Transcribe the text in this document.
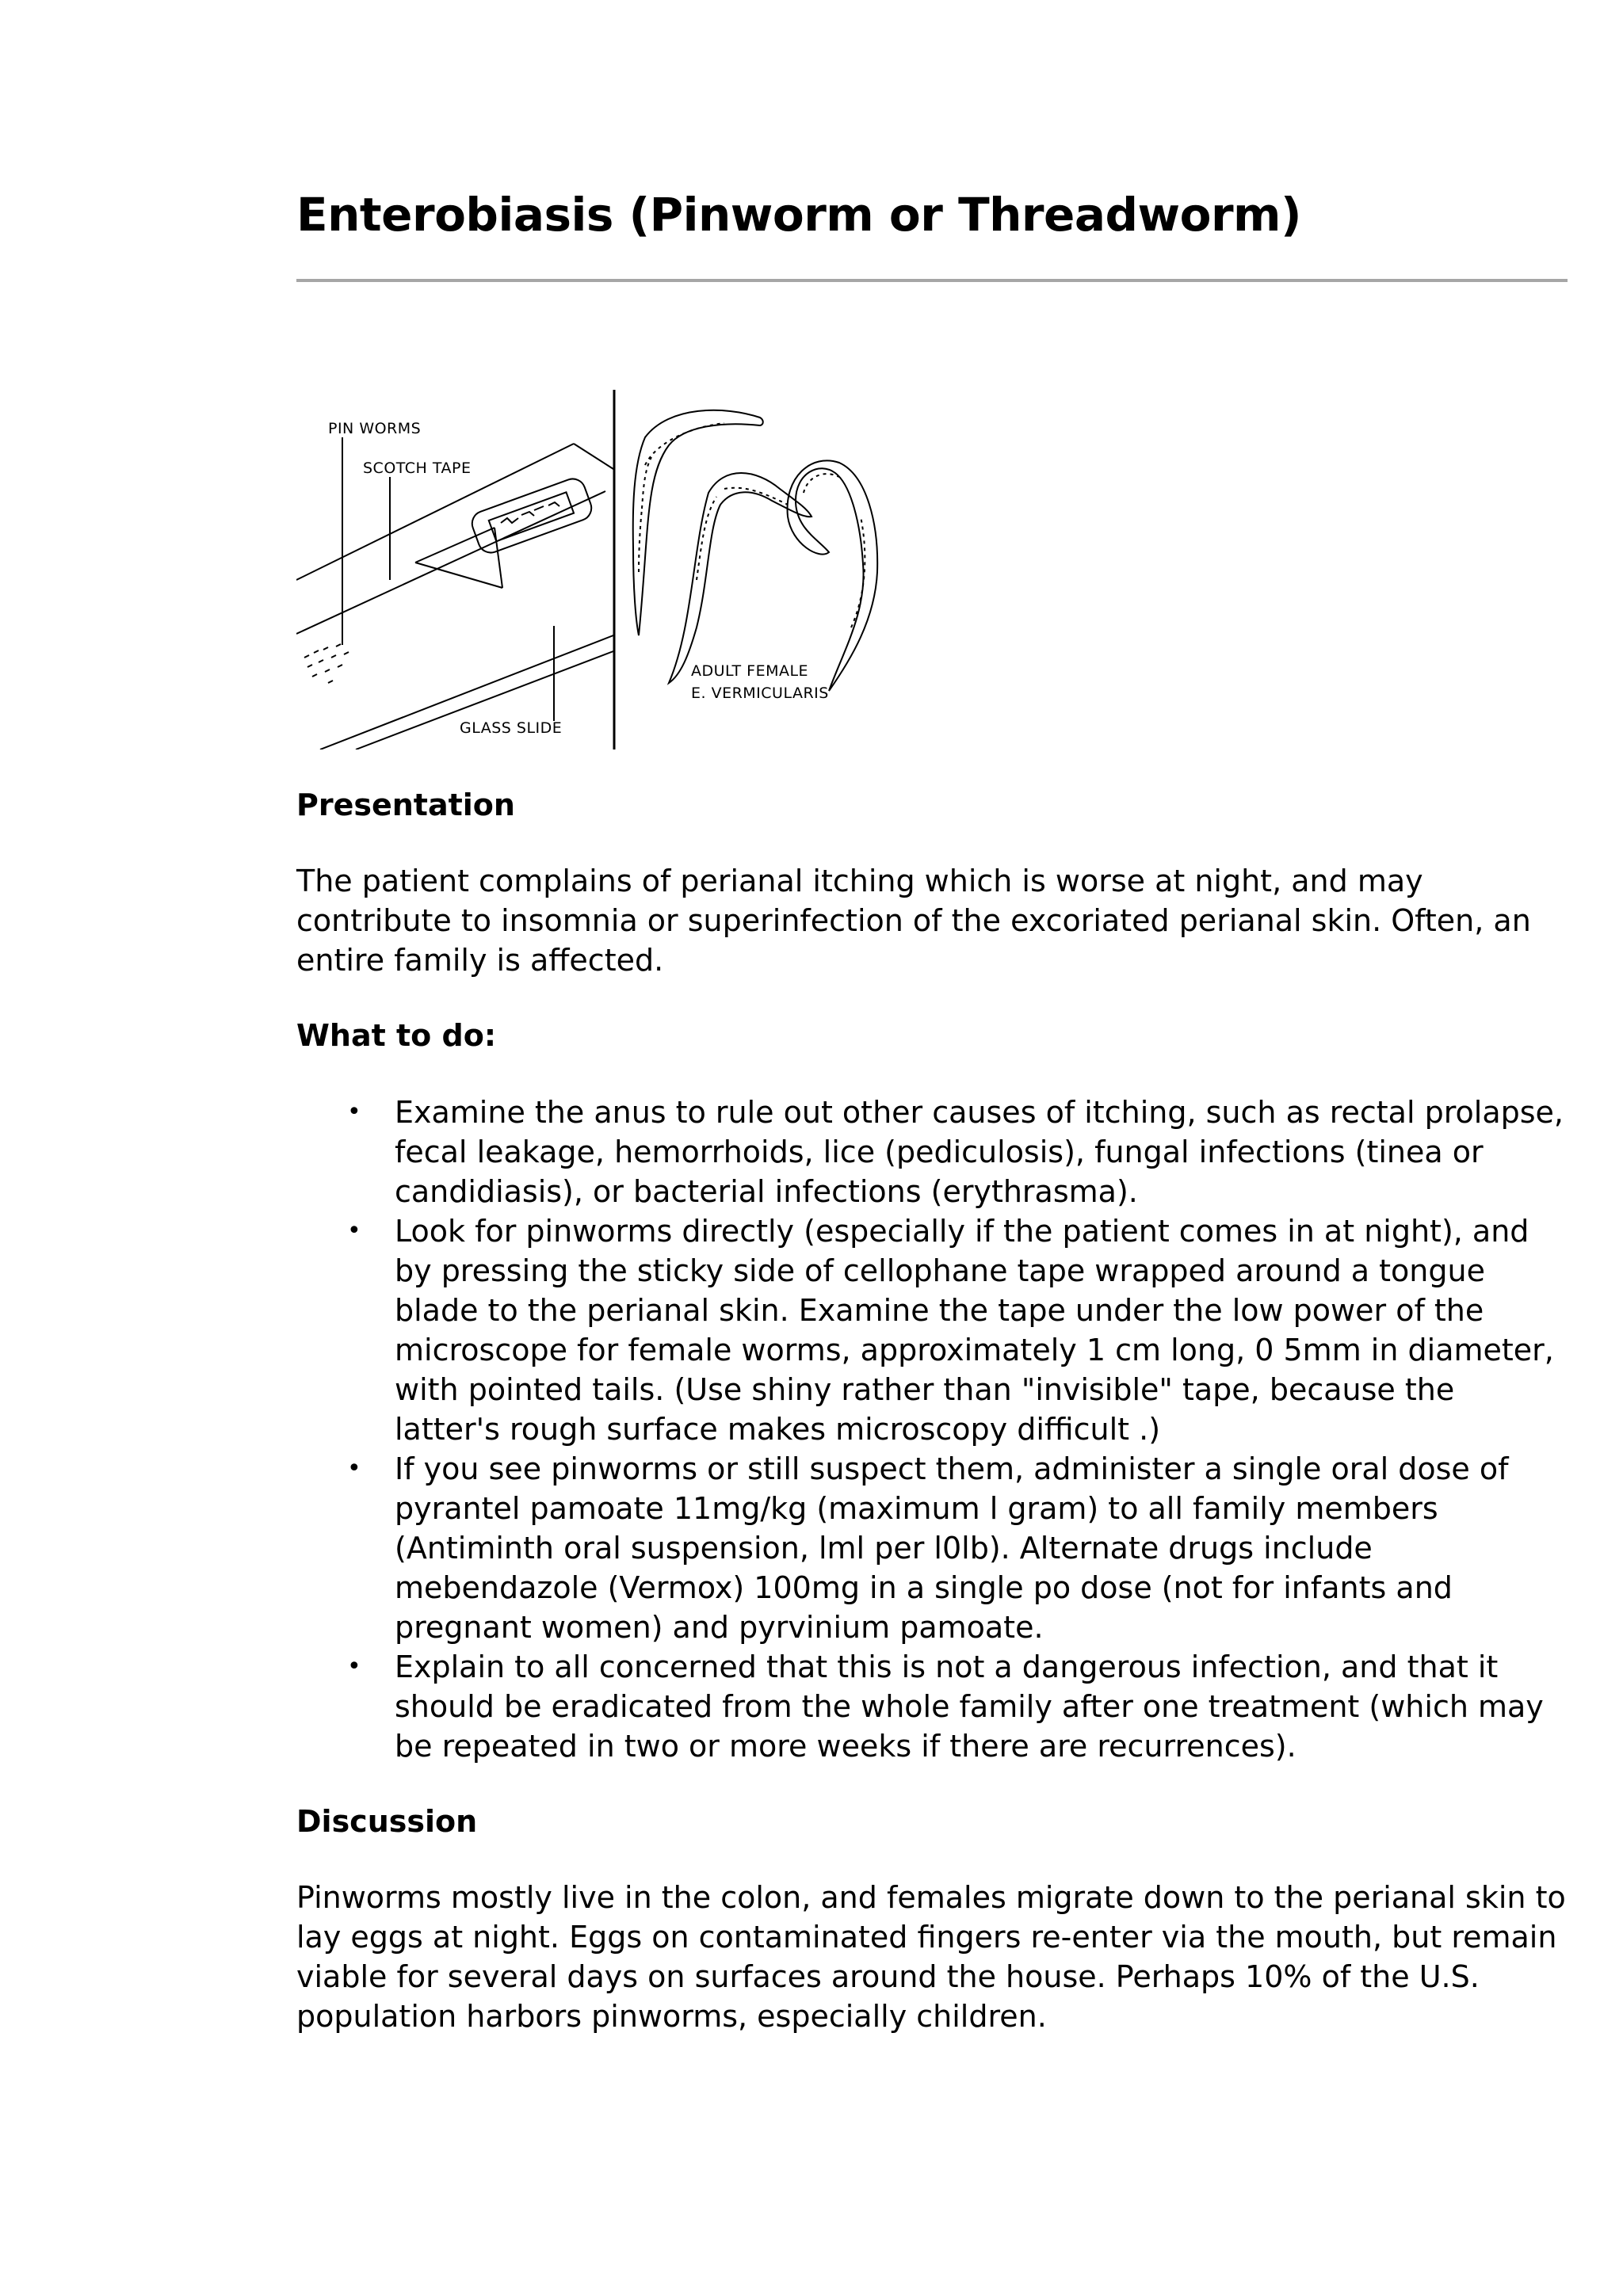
Enterobiasis (Pinworm or Threadworm)
PIN WORMS
SCOTCH TAPE
GLASS SLIDE
ADULT FEMALE
E. VERMICULARIS
Presentation

The patient complains of perianal itching which is worse at night, and may contribute to insomnia or superinfection of the excoriated perianal skin. Often, an entire family is affected.

What to do:
• Examine the anus to rule out other causes of itching, such as rectal prolapse, fecal leakage, hemorrhoids, lice (pediculosis), fungal infections (tinea or candidiasis), or bacterial infections (erythrasma).
• Look for pinworms directly (especially if the patient comes in at night), and by pressing the sticky side of cellophane tape wrapped around a tongue blade to the perianal skin. Examine the tape under the low power of the microscope for female worms, approximately 1 cm long, 0 5mm in diameter, with pointed tails. (Use shiny rather than "invisible" tape, because the latter's rough surface makes microscopy difficult .)
• If you see pinworms or still suspect them, administer a single oral dose of pyrantel pamoate 11mg/kg (maximum l gram) to all family members (Antiminth oral suspension, lml per l0lb). Alternate drugs include mebendazole (Vermox) 100mg in a single po dose (not for infants and pregnant women) and pyrvinium pamoate.
• Explain to all concerned that this is not a dangerous infection, and that it should be eradicated from the whole family after one treatment (which may be repeated in two or more weeks if there are recurrences).
Discussion

Pinworms mostly live in the colon, and females migrate down to the perianal skin to lay eggs at night. Eggs on contaminated fingers re-enter via the mouth, but remain viable for several days on surfaces around the house. Perhaps 10% of the U.S. population harbors pinworms, especially children.
